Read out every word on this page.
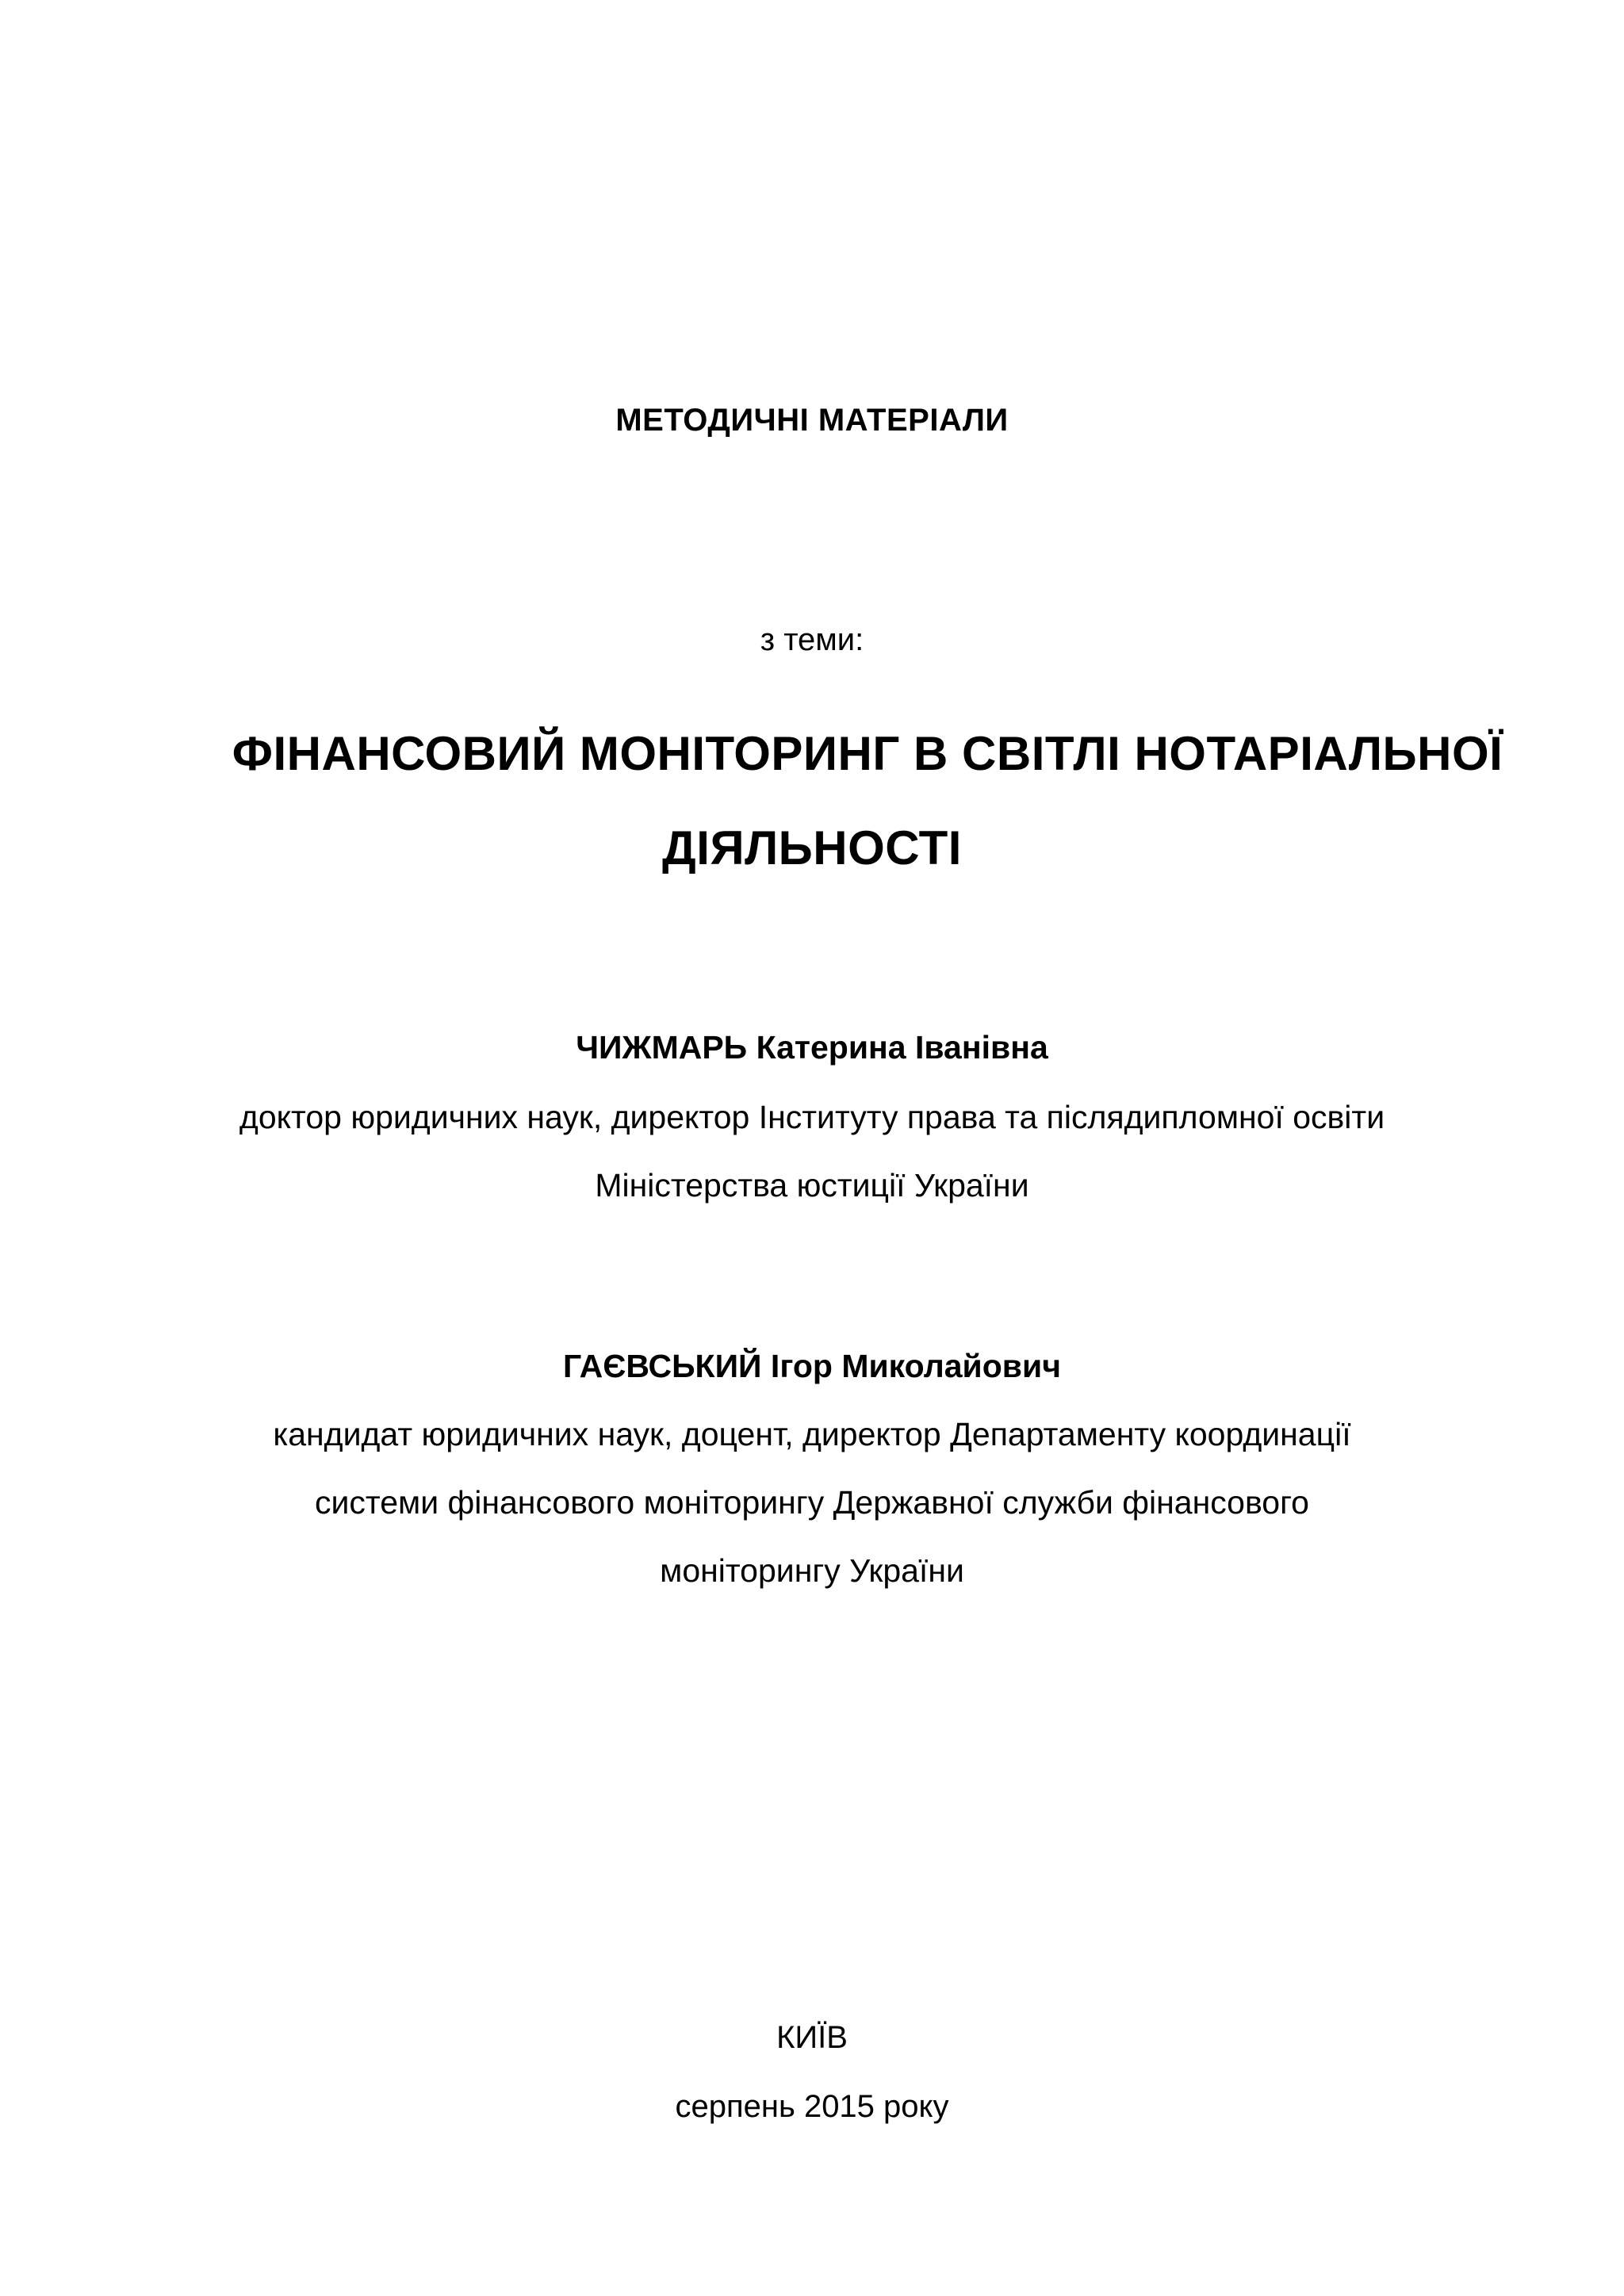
МЕТОДИЧНІ МАТЕРІАЛИ
з теми:
ФІНАНСОВИЙ МОНІТОРИНГ В СВІТЛІ НОТАРІАЛЬНОЇ
ДІЯЛЬНОСТІ
ЧИЖМАРЬ Катерина Іванівна
доктор юридичних наук, директор Інституту права та післядипломної освіти
Міністерства юстиції України
ГАЄВСЬКИЙ Ігор Миколайович
кандидат юридичних наук, доцент, директор Департаменту координації
системи фінансового моніторингу Державної служби фінансового
моніторингу України
КИЇВ
серпень 2015 року
